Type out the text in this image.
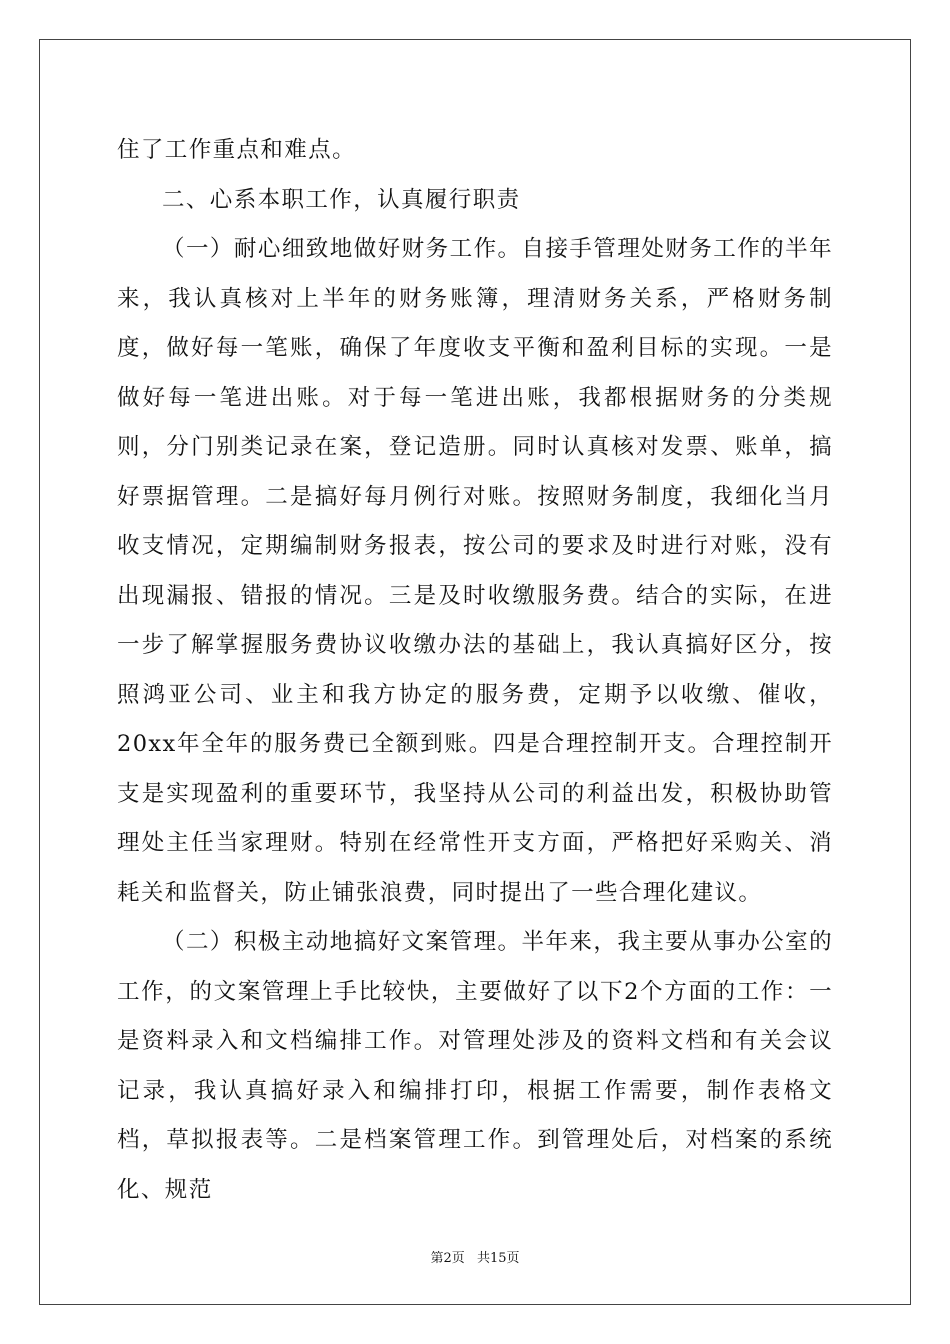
住了工作重点和难点。

二、心系本职工作，认真履行职责

（一）耐心细致地做好财务工作。自接手管理处财务工作的半年来，我认真核对上半年的财务账簿，理清财务关系，严格财务制度，做好每一笔账，确保了年度收支平衡和盈利目标的实现。一是做好每一笔进出账。对于每一笔进出账，我都根据财务的分类规则，分门别类记录在案，登记造册。同时认真核对发票、账单，搞好票据管理。二是搞好每月例行对账。按照财务制度，我细化当月收支情况，定期编制财务报表，按公司的要求及时进行对账，没有出现漏报、错报的情况。三是及时收缴服务费。结合的实际，在进一步了解掌握服务费协议收缴办法的基础上，我认真搞好区分，按照鸿亚公司、业主和我方协定的服务费，定期予以收缴、催收，20xx年全年的服务费已全额到账。四是合理控制开支。合理控制开支是实现盈利的重要环节，我坚持从公司的利益出发，积极协助管理处主任当家理财。特别在经常性开支方面，严格把好采购关、消耗关和监督关，防止铺张浪费，同时提出了一些合理化建议。

（二）积极主动地搞好文案管理。半年来，我主要从事办公室的工作，的文案管理上手比较快，主要做好了以下2个方面的工作：一是资料录入和文档编排工作。对管理处涉及的资料文档和有关会议记录，我认真搞好录入和编排打印，根据工作需要，制作表格文档，草拟报表等。二是档案管理工作。到管理处后，对档案的系统化、规范

第2页 共15页
